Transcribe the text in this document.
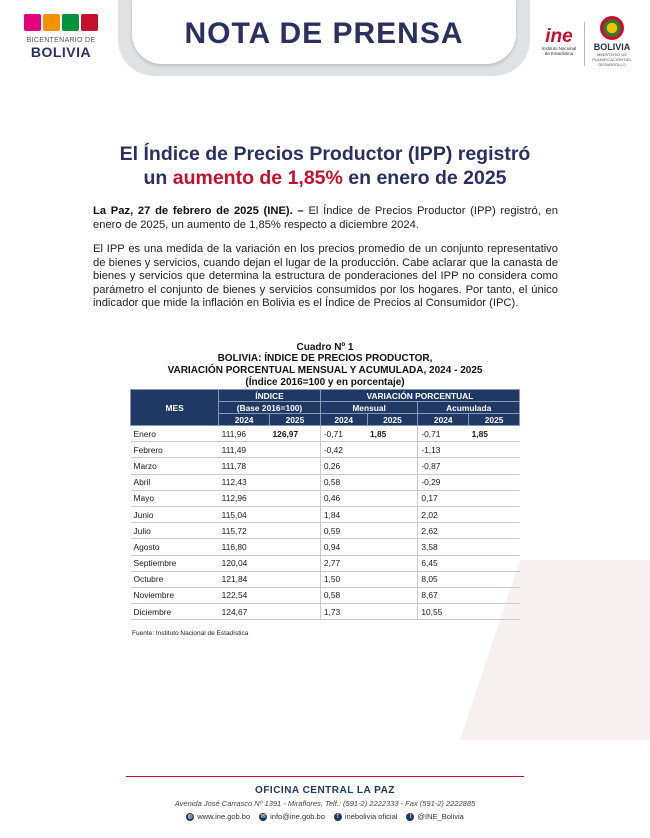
NOTA DE PRENSA
BICENTENARIO DE
BOLIVIA
ine
Instituto Nacional
de Estadística
BOLIVIA
MINISTERIO DE PLANIFICACIÓN DEL DESARROLLO
El Índice de Precios Productor (IPP) registró
un aumento de 1,85% en enero de 2025
La Paz, 27 de febrero de 2025 (INE). – El Índice de Precios Productor (IPP) registró, en enero de 2025, un aumento de 1,85% respecto a diciembre 2024.
El IPP es una medida de la variación en los precios promedio de un conjunto representativo de bienes y servicios, cuando dejan el lugar de la producción. Cabe aclarar que la canasta de bienes y servicios que determina la estructura de ponderaciones del IPP no considera como parámetro el conjunto de bienes y servicios consumidos por los hogares. Por tanto, el único indicador que mide la inflación en Bolivia es el Índice de Precios al Consumidor (IPC).
Cuadro Nº 1
BOLIVIA: ÍNDICE DE PRECIOS PRODUCTOR,
VARIACIÓN PORCENTUAL MENSUAL Y ACUMULADA, 2024 - 2025
(Índice 2016=100 y en porcentaje)
MES	ÍNDICE		VARIACIÓN PORCENTUAL			
	(Base 2016=100)		Mensual		Acumulada	
	2024	2025	2024	2025	2024	2025
Enero	111,96	126,97	-0,71	1,85	-0,71	1,85
Febrero	111,49		-0,42		-1,13	
Marzo	111,78		0,26		-0,87	
Abril	112,43		0,58		-0,29	
Mayo	112,96		0,46		0,17	
Junio	115,04		1,84		2,02	
Julio	115,72		0,59		2,62	
Agosto	116,80		0,94		3,58	
Septiembre	120,04		2,77		6,45	
Octubre	121,84		1,50		8,05	
Noviembre	122,54		0,58		8,67	
Diciembre	124,67		1,73		10,55	
Fuente: Instituto Nacional de Estadística
OFICINA CENTRAL LA PAZ
Avenida José Carrasco Nº 1391 - Miraflores, Telf.: (591-2) 2222333 - Fax (591-2) 2222885
◍ www.ine.gob.bo ✉ info@ine.gob.bo	f inebolivia oficial	t @INE_Bolivia
